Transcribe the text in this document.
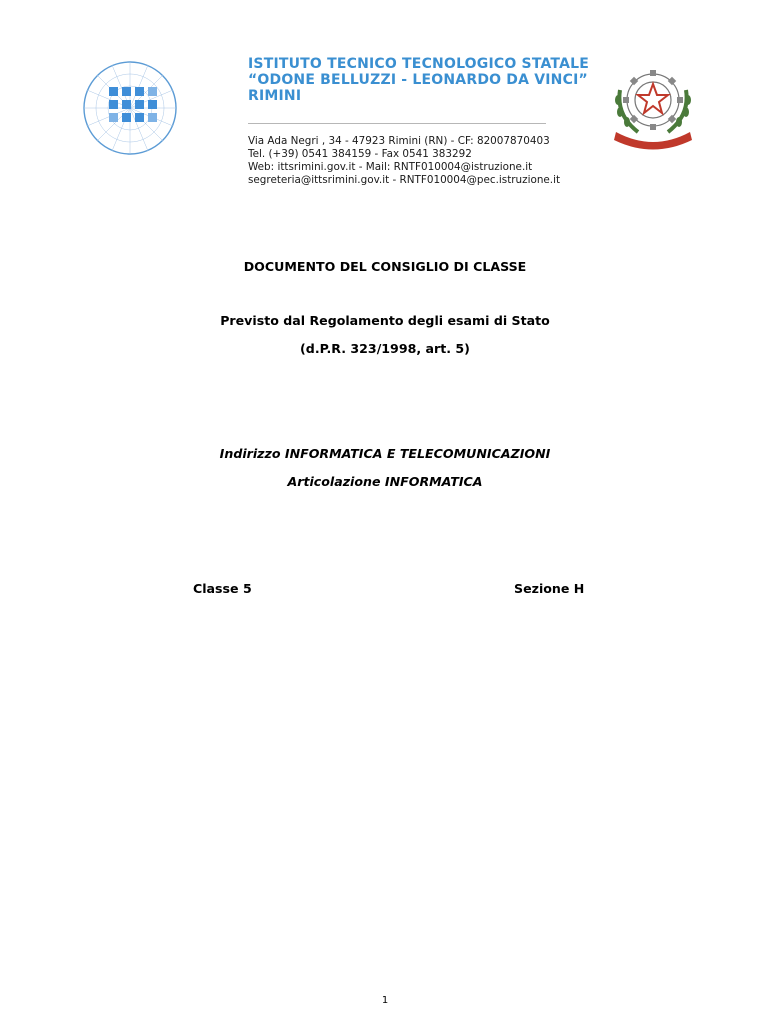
ISTITUTO TECNICO TECNOLOGICO STATALE
“ODONE BELLUZZI - LEONARDO DA VINCI”
RIMINI
Via Ada Negri , 34 - 47923 Rimini (RN) - CF: 82007870403
Tel. (+39) 0541 384159 - Fax 0541 383292
Web: ittsrimini.gov.it - Mail: RNTF010004@istruzione.it
segreteria@ittsrimini.gov.it - RNTF010004@pec.istruzione.it
DOCUMENTO DEL CONSIGLIO DI CLASSE
Previsto dal Regolamento degli esami di Stato
(d.P.R. 323/1998, art. 5)
Indirizzo INFORMATICA E TELECOMUNICAZIONI
Articolazione INFORMATICA
Classe 5	Sezione H
1
